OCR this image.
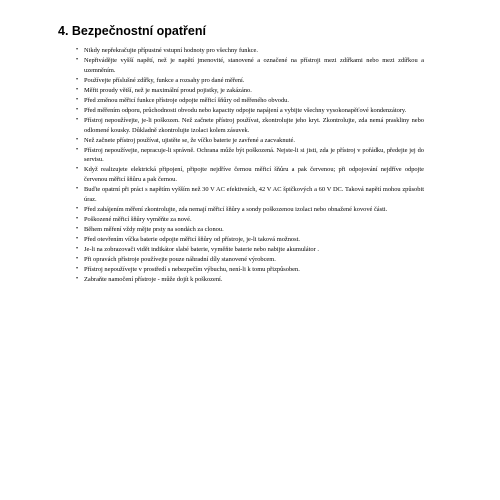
4. Bezpečnostní opatření
• Nikdy nepřekračujte přípustné vstupní hodnoty pro všechny funkce.
• Nepřivádějte vyšší napětí, než je napětí jmenovité, stanovené a označené na přístroji mezi zdířkami nebo mezi zdířkou a uzemněním.
• Používejte příslušné zdířky, funkce a rozsahy pro dané měření.
• Měřit proudy větší, než je maximální proud pojistky, je zakázáno.
• Před změnou měřicí funkce přístroje odpojte měřicí šňůry od měřeného obvodu.
• Před měřením odporu, průchodnosti obvodu nebo kapacity odpojte napájení a vybijte všechny vysokonapěťové kondenzátory.
• Přístroj nepoužívejte, je-li poškozen. Než začnete přístroj používat, zkontrolujte jeho kryt. Zkontrolujte, zda nemá praskliny nebo odlomené kousky. Důkladně zkontrolujte izolaci kolem zásuvek.
• Než začnete přístroj používat, ujistěte se, že víčko baterie je zavřené a zacvaknuté.
• Přístroj nepoužívejte, nepracuje-li správně. Ochrana může být poškozená. Nejste-li si jisti, zda je přístroj v pořádku, předejte jej do servisu.
• Když realizujete elektrická připojení, připojte nejdříve černou měřicí šňůru a pak červenou; při odpojování nejdříve odpojte červenou měřicí šňůru a pak černou.
• Buďte opatrní při práci s napětím vyšším než 30 V AC efektivních, 42 V AC špičkových a 60 V DC. Taková napětí mohou způsobit úraz.
• Před zahájením měření zkontrolujte, zda nemají měřicí šňůry a sondy poškozenou izolaci nebo obnažené kovové části.
• Poškozené měřicí šňůry vyměňte za nové.
• Během měření vždy mějte prsty na sondách za clonou.
• Před otevřením víčka baterie odpojte měřicí šňůry od přístroje, je-li taková možnost.
• Je-li na zobrazovači vidět indikátor slabé baterie, vyměňte baterie nebo nabijte akumulátor .
• Při opravách přístroje používejte pouze náhradní díly stanovené výrobcem.
• Přístroj nepoužívejte v prostředí s nebezpečím výbuchu, není-li k tomu přizpůsoben.
• Zabraňte namočení přístroje - může dojít k poškození.
